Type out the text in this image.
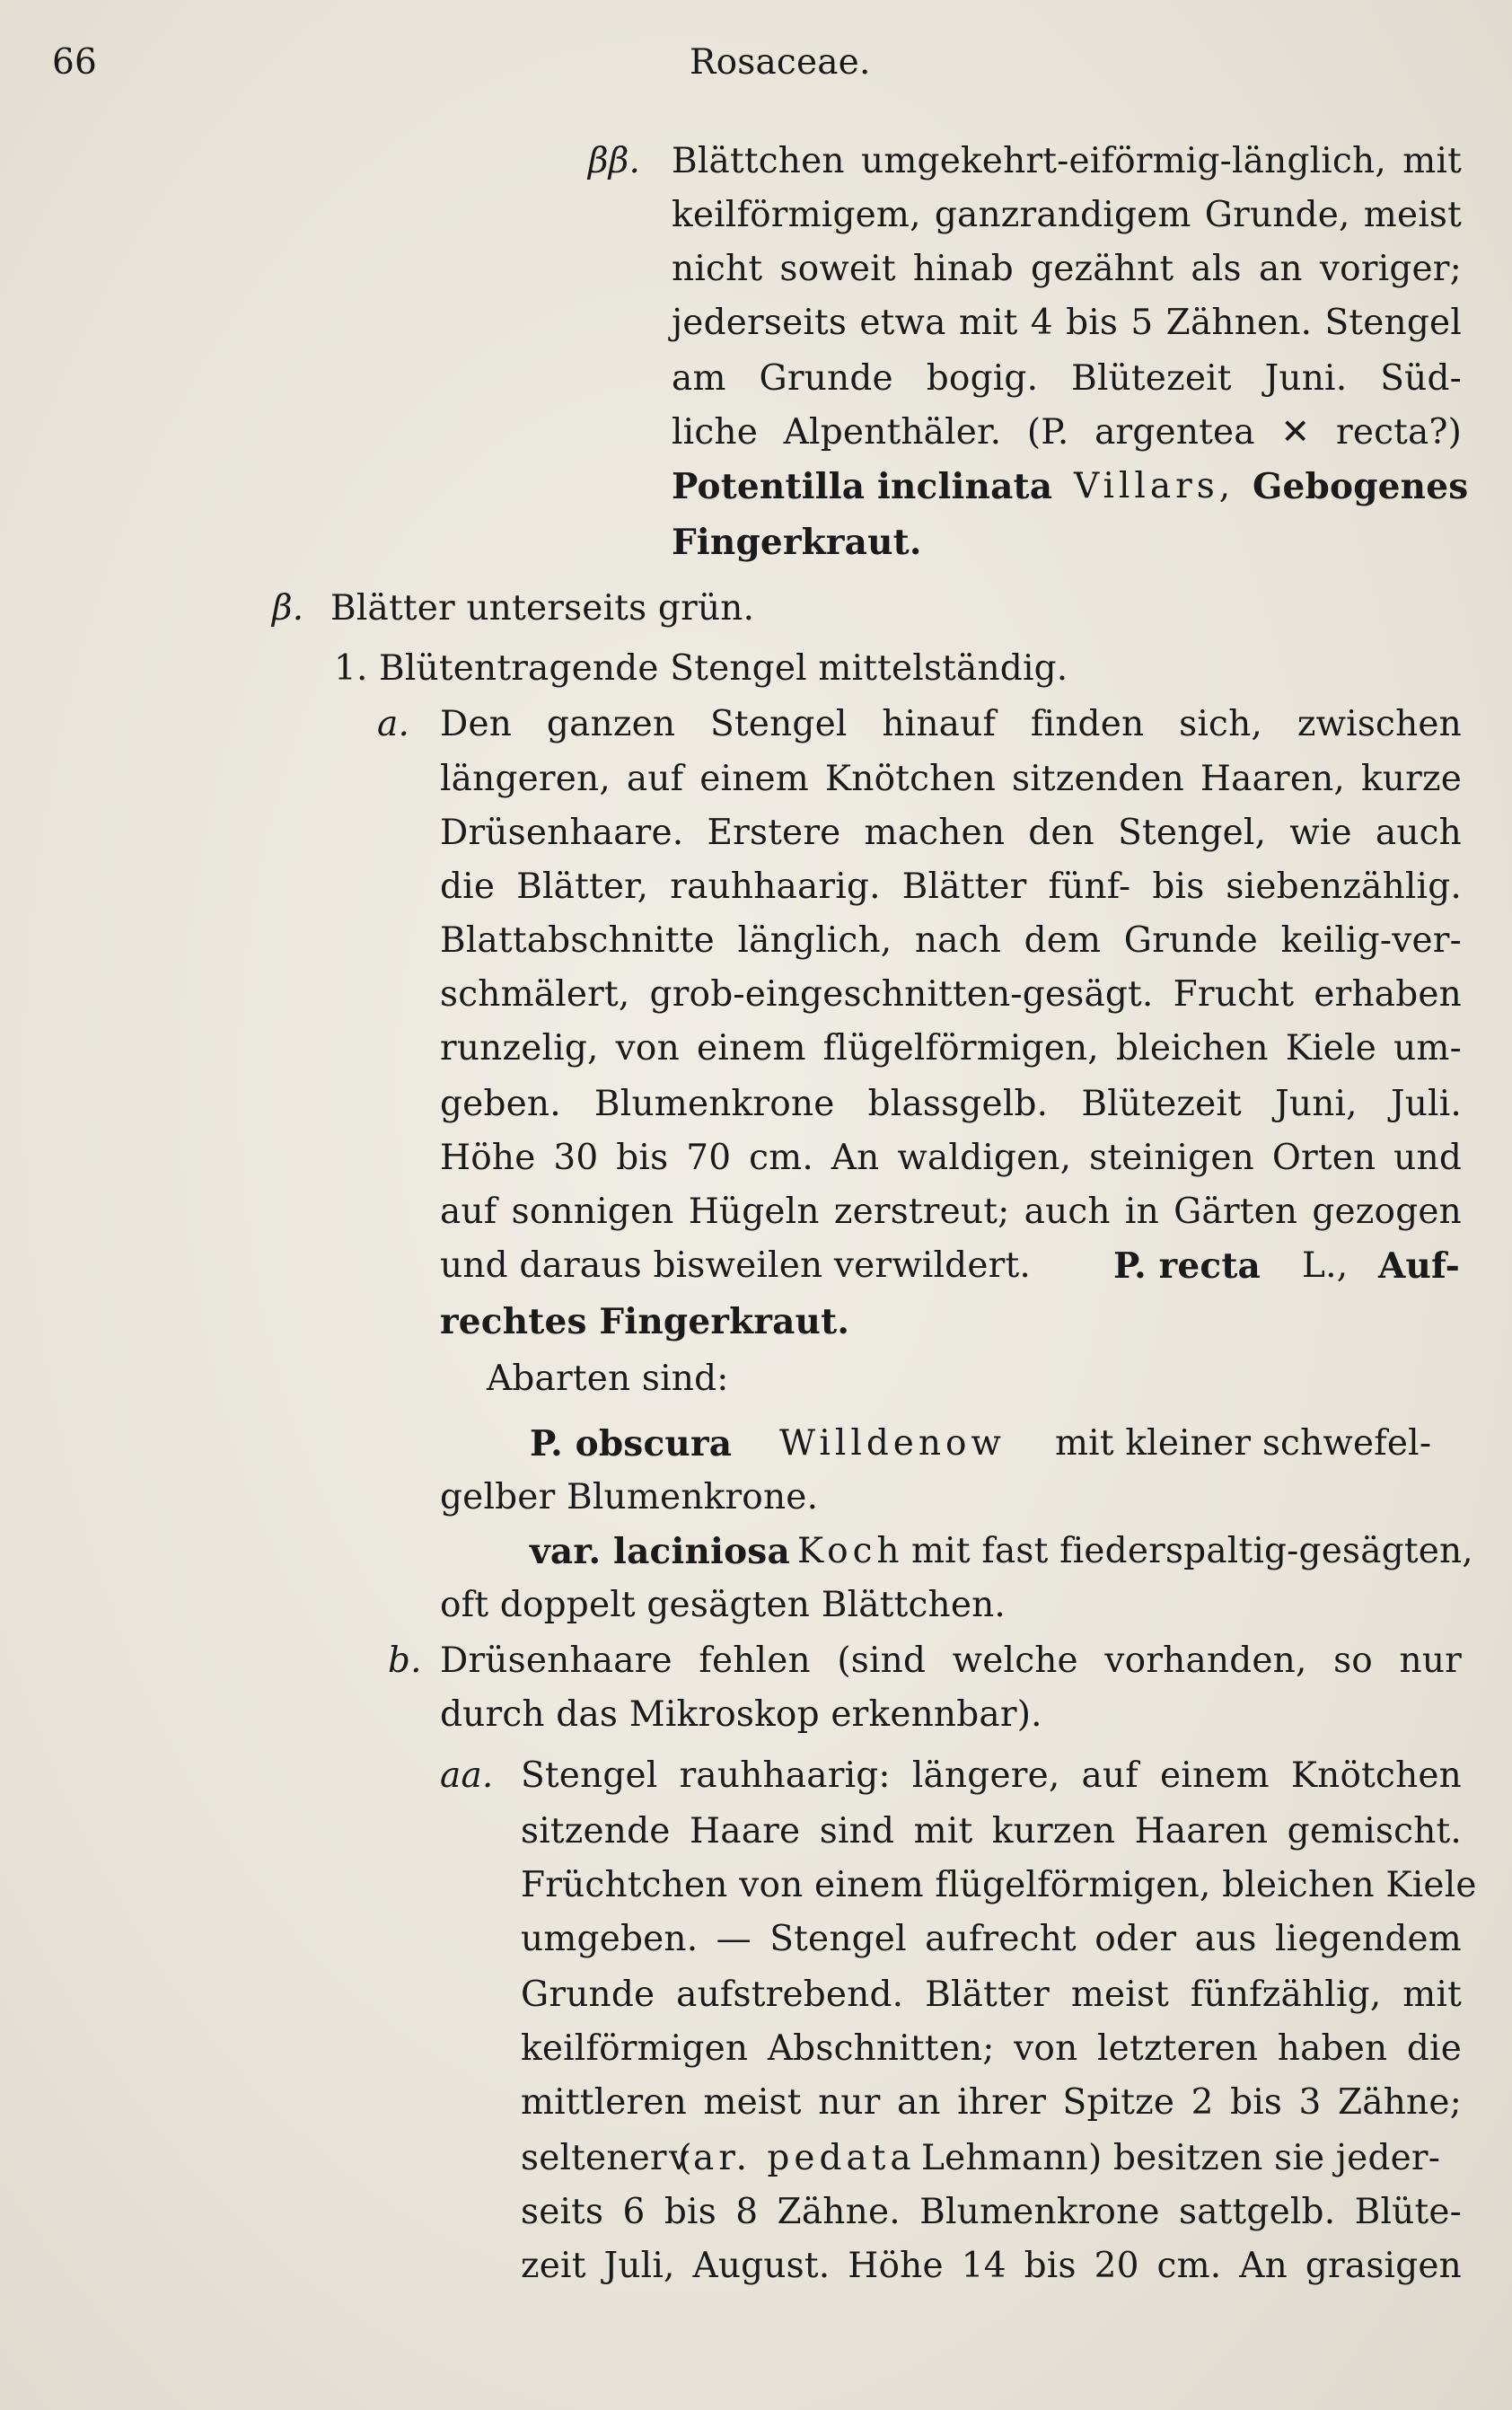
66	Rosaceae.
ββ. Blättchen umgekehrt-eiförmig-länglich, mit
keilförmigem, ganzrandigem Grunde, meist
nicht soweit hinab gezähnt als an voriger;
jederseits etwa mit 4 bis 5 Zähnen. Stengel
am Grunde bogig. Blütezeit Juni. Süd-
liche Alpenthäler. (P. argentea ✕ recta?)
Potentilla inclinata Villars, Gebogenes
Fingerkraut.
β. Blätter unterseits grün.
1. Blütentragende Stengel mittelständig.
a. Den ganzen Stengel hinauf finden sich, zwischen
längeren, auf einem Knötchen sitzenden Haaren, kurze
Drüsenhaare. Erstere machen den Stengel, wie auch
die Blätter, rauhhaarig. Blätter fünf- bis siebenzählig.
Blattabschnitte länglich, nach dem Grunde keilig-ver-
schmälert, grob-eingeschnitten-gesägt. Frucht erhaben
runzelig, von einem flügelförmigen, bleichen Kiele um-
geben. Blumenkrone blassgelb. Blütezeit Juni, Juli.
Höhe 30 bis 70 cm. An waldigen, steinigen Orten und
auf sonnigen Hügeln zerstreut; auch in Gärten gezogen
und daraus bisweilen verwildert. P. recta L., Auf-
rechtes Fingerkraut.
Abarten sind:
P. obscura Willdenow mit kleiner schwefel-
gelber Blumenkrone.
var. laciniosa Koch mit fast fiederspaltig-gesägten,
oft doppelt gesägten Blättchen.
b. Drüsenhaare fehlen (sind welche vorhanden, so nur
durch das Mikroskop erkennbar).
aa. Stengel rauhhaarig: längere, auf einem Knötchen
sitzende Haare sind mit kurzen Haaren gemischt.
Früchtchen von einem flügelförmigen, bleichen Kiele
umgeben. — Stengel aufrecht oder aus liegendem
Grunde aufstrebend. Blätter meist fünfzählig, mit
keilförmigen Abschnitten; von letzteren haben die
mittleren meist nur an ihrer Spitze 2 bis 3 Zähne;
seltener (
var. pedata Lehmann) besitzen sie jeder-
seits 6 bis 8 Zähne. Blumenkrone sattgelb. Blüte-
zeit Juli, August. Höhe 14 bis 20 cm. An grasigen
